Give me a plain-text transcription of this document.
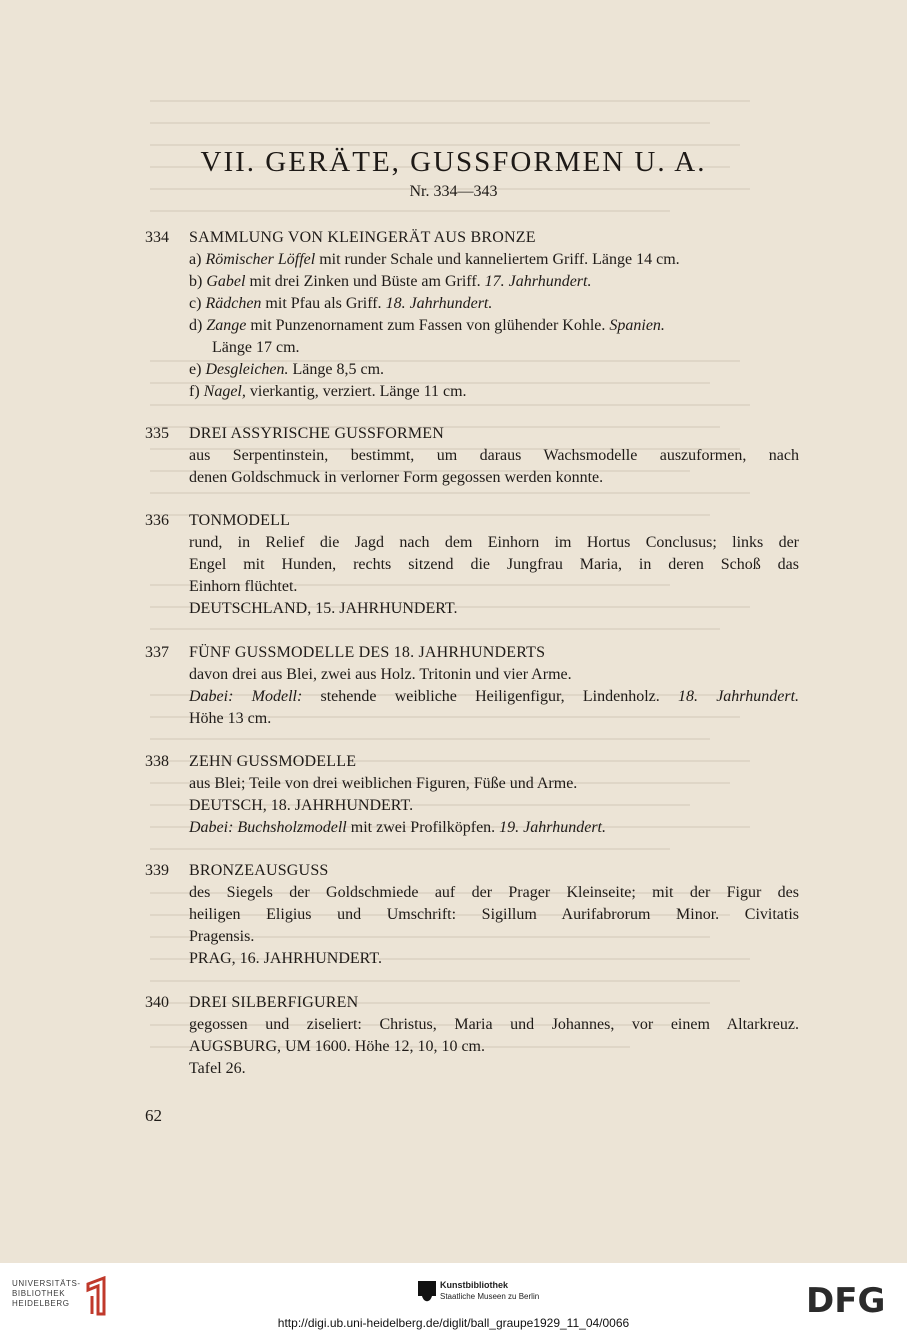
VII. GERÄTE, GUSSFORMEN U. A.
Nr. 334—343
334 SAMMLUNG VON KLEINGERÄT AUS BRONZE
a) Römischer Löffel mit runder Schale und kanneliertem Griff. Länge 14 cm.
b) Gabel mit drei Zinken und Büste am Griff. 17. Jahrhundert.
c) Rädchen mit Pfau als Griff. 18. Jahrhundert.
d) Zange mit Punzenornament zum Fassen von glühender Kohle. Spanien.
Länge 17 cm.
e) Desgleichen. Länge 8,5 cm.
f) Nagel, vierkantig, verziert. Länge 11 cm.
335 DREI ASSYRISCHE GUSSFORMEN
aus Serpentinstein, bestimmt, um daraus Wachsmodelle auszuformen, nach
denen Goldschmuck in verlorner Form gegossen werden konnte.
336 TONMODELL
rund, in Relief die Jagd nach dem Einhorn im Hortus Conclusus; links der
Engel mit Hunden, rechts sitzend die Jungfrau Maria, in deren Schoß das
Einhorn flüchtet.
DEUTSCHLAND, 15. JAHRHUNDERT.
337 FÜNF GUSSMODELLE DES 18. JAHRHUNDERTS
davon drei aus Blei, zwei aus Holz. Tritonin und vier Arme.
Dabei: Modell: stehende weibliche Heiligenfigur, Lindenholz. 18. Jahrhundert.
Höhe 13 cm.
338 ZEHN GUSSMODELLE
aus Blei; Teile von drei weiblichen Figuren, Füße und Arme.
DEUTSCH, 18. JAHRHUNDERT.
Dabei: Buchsholzmodell mit zwei Profilköpfen. 19. Jahrhundert.
339 BRONZEAUSGUSS
des Siegels der Goldschmiede auf der Prager Kleinseite; mit der Figur des
heiligen Eligius und Umschrift: Sigillum Aurifabrorum Minor. Civitatis
Pragensis.
PRAG, 16. JAHRHUNDERT.
340 DREI SILBERFIGUREN
gegossen und ziseliert: Christus, Maria und Johannes, vor einem Altarkreuz.
AUGSBURG, UM 1600. Höhe 12, 10, 10 cm.
Tafel 26.
62
UNIVERSITÄTS-
BIBLIOTHEK
HEIDELBERG
Kunstbibliothek
Staatliche Museen zu Berlin	DFG
http://digi.ub.uni-heidelberg.de/diglit/ball_graupe1929_11_04/0066
